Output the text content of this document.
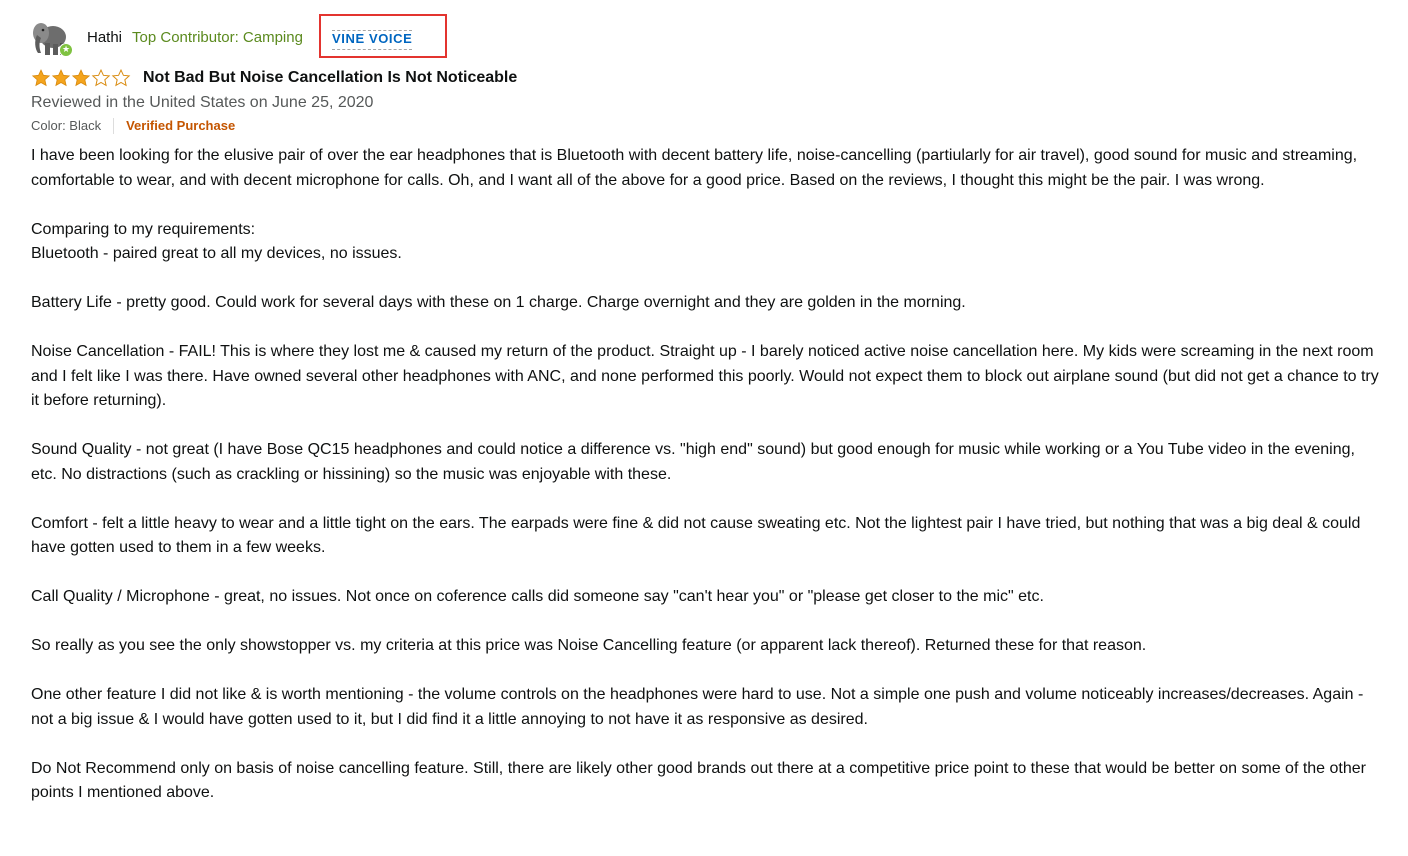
★
Hathi Top Contributor: Camping VINE VOICE
Not Bad But Noise Cancellation Is Not Noticeable
Reviewed in the United States on June 25, 2020
Color: Black Verified Purchase

I have been looking for the elusive pair of over the ear headphones that is Bluetooth with decent battery life, noise-cancelling (partiularly for air travel), good sound for music and streaming, comfortable to wear, and with decent microphone for calls. Oh, and I want all of the above for a good price. Based on the reviews, I thought this might be the pair. I was wrong.

Comparing to my requirements:

Bluetooth - paired great to all my devices, no issues.

Battery Life - pretty good. Could work for several days with these on 1 charge. Charge overnight and they are golden in the morning.

Noise Cancellation - FAIL! This is where they lost me & caused my return of the product. Straight up - I barely noticed active noise cancellation here. My kids were screaming in the next room and I felt like I was there. Have owned several other headphones with ANC, and none performed this poorly. Would not expect them to block out airplane sound (but did not get a chance to try it before returning).

Sound Quality - not great (I have Bose QC15 headphones and could notice a difference vs. "high end" sound) but good enough for music while working or a You Tube video in the evening, etc. No distractions (such as crackling or hissining) so the music was enjoyable with these.

Comfort - felt a little heavy to wear and a little tight on the ears. The earpads were fine & did not cause sweating etc. Not the lightest pair I have tried, but nothing that was a big deal & could have gotten used to them in a few weeks.

Call Quality / Microphone - great, no issues. Not once on coference calls did someone say "can't hear you" or "please get closer to the mic" etc.

So really as you see the only showstopper vs. my criteria at this price was Noise Cancelling feature (or apparent lack thereof). Returned these for that reason.

One other feature I did not like & is worth mentioning - the volume controls on the headphones were hard to use. Not a simple one push and volume noticeably increases/decreases. Again - not a big issue & I would have gotten used to it, but I did find it a little annoying to not have it as responsive as desired.

Do Not Recommend only on basis of noise cancelling feature. Still, there are likely other good brands out there at a competitive price point to these that would be better on some of the other points I mentioned above.
